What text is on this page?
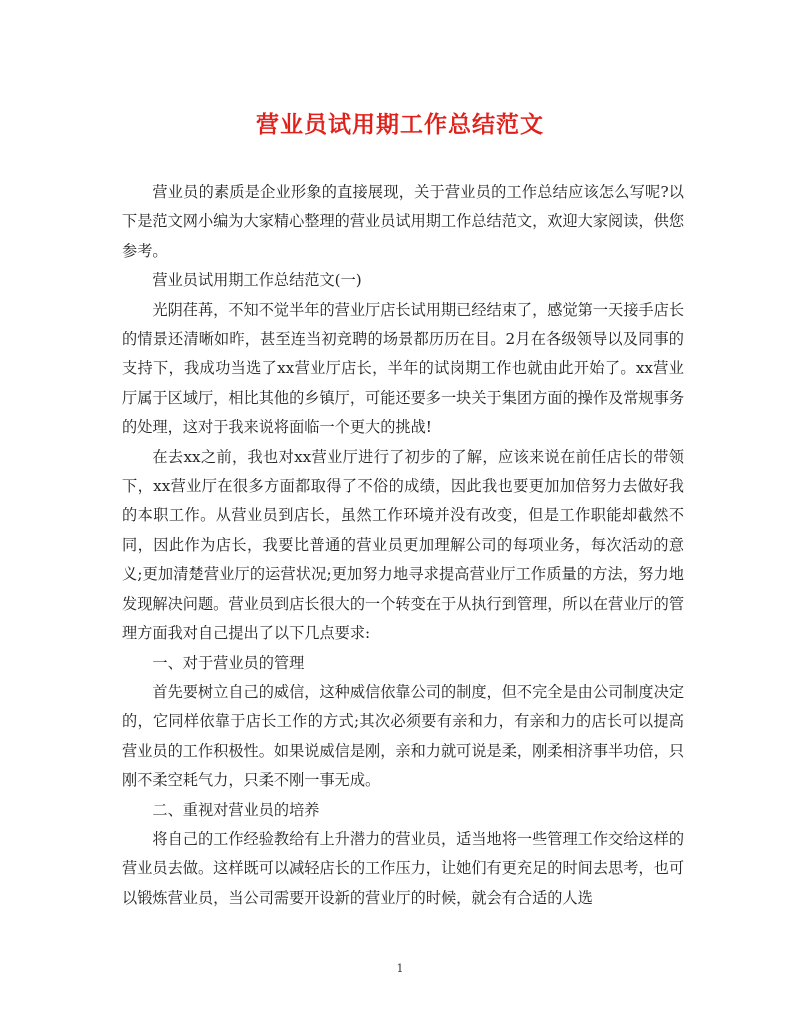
营业员试用期工作总结范文

营业员的素质是企业形象的直接展现，关于营业员的工作总结应该怎么写呢?以下是范文网小编为大家精心整理的营业员试用期工作总结范文，欢迎大家阅读，供您参考。

营业员试用期工作总结范文(一)

光阴荏苒，不知不觉半年的营业厅店长试用期已经结束了，感觉第一天接手店长的情景还清晰如昨，甚至连当初竞聘的场景都历历在目。2月在各级领导以及同事的支持下，我成功当选了xx营业厅店长，半年的试岗期工作也就由此开始了。xx营业厅属于区域厅，相比其他的乡镇厅，可能还要多一块关于集团方面的操作及常规事务的处理，这对于我来说将面临一个更大的挑战!

在去xx之前，我也对xx营业厅进行了初步的了解，应该来说在前任店长的带领下，xx营业厅在很多方面都取得了不俗的成绩，因此我也要更加加倍努力去做好我的本职工作。从营业员到店长，虽然工作环境并没有改变，但是工作职能却截然不同，因此作为店长，我要比普通的营业员更加理解公司的每项业务，每次活动的意义;更加清楚营业厅的运营状况;更加努力地寻求提高营业厅工作质量的方法，努力地发现解决问题。营业员到店长很大的一个转变在于从执行到管理，所以在营业厅的管理方面我对自己提出了以下几点要求:

一、对于营业员的管理

首先要树立自己的威信，这种威信依靠公司的制度，但不完全是由公司制度决定的，它同样依靠于店长工作的方式;其次必须要有亲和力，有亲和力的店长可以提高营业员的工作积极性。如果说威信是刚，亲和力就可说是柔，刚柔相济事半功倍，只刚不柔空耗气力，只柔不刚一事无成。

二、重视对营业员的培养

将自己的工作经验教给有上升潜力的营业员，适当地将一些管理工作交给这样的营业员去做。这样既可以减轻店长的工作压力，让她们有更充足的时间去思考，也可以锻炼营业员，当公司需要开设新的营业厅的时候，就会有合适的人选

1
